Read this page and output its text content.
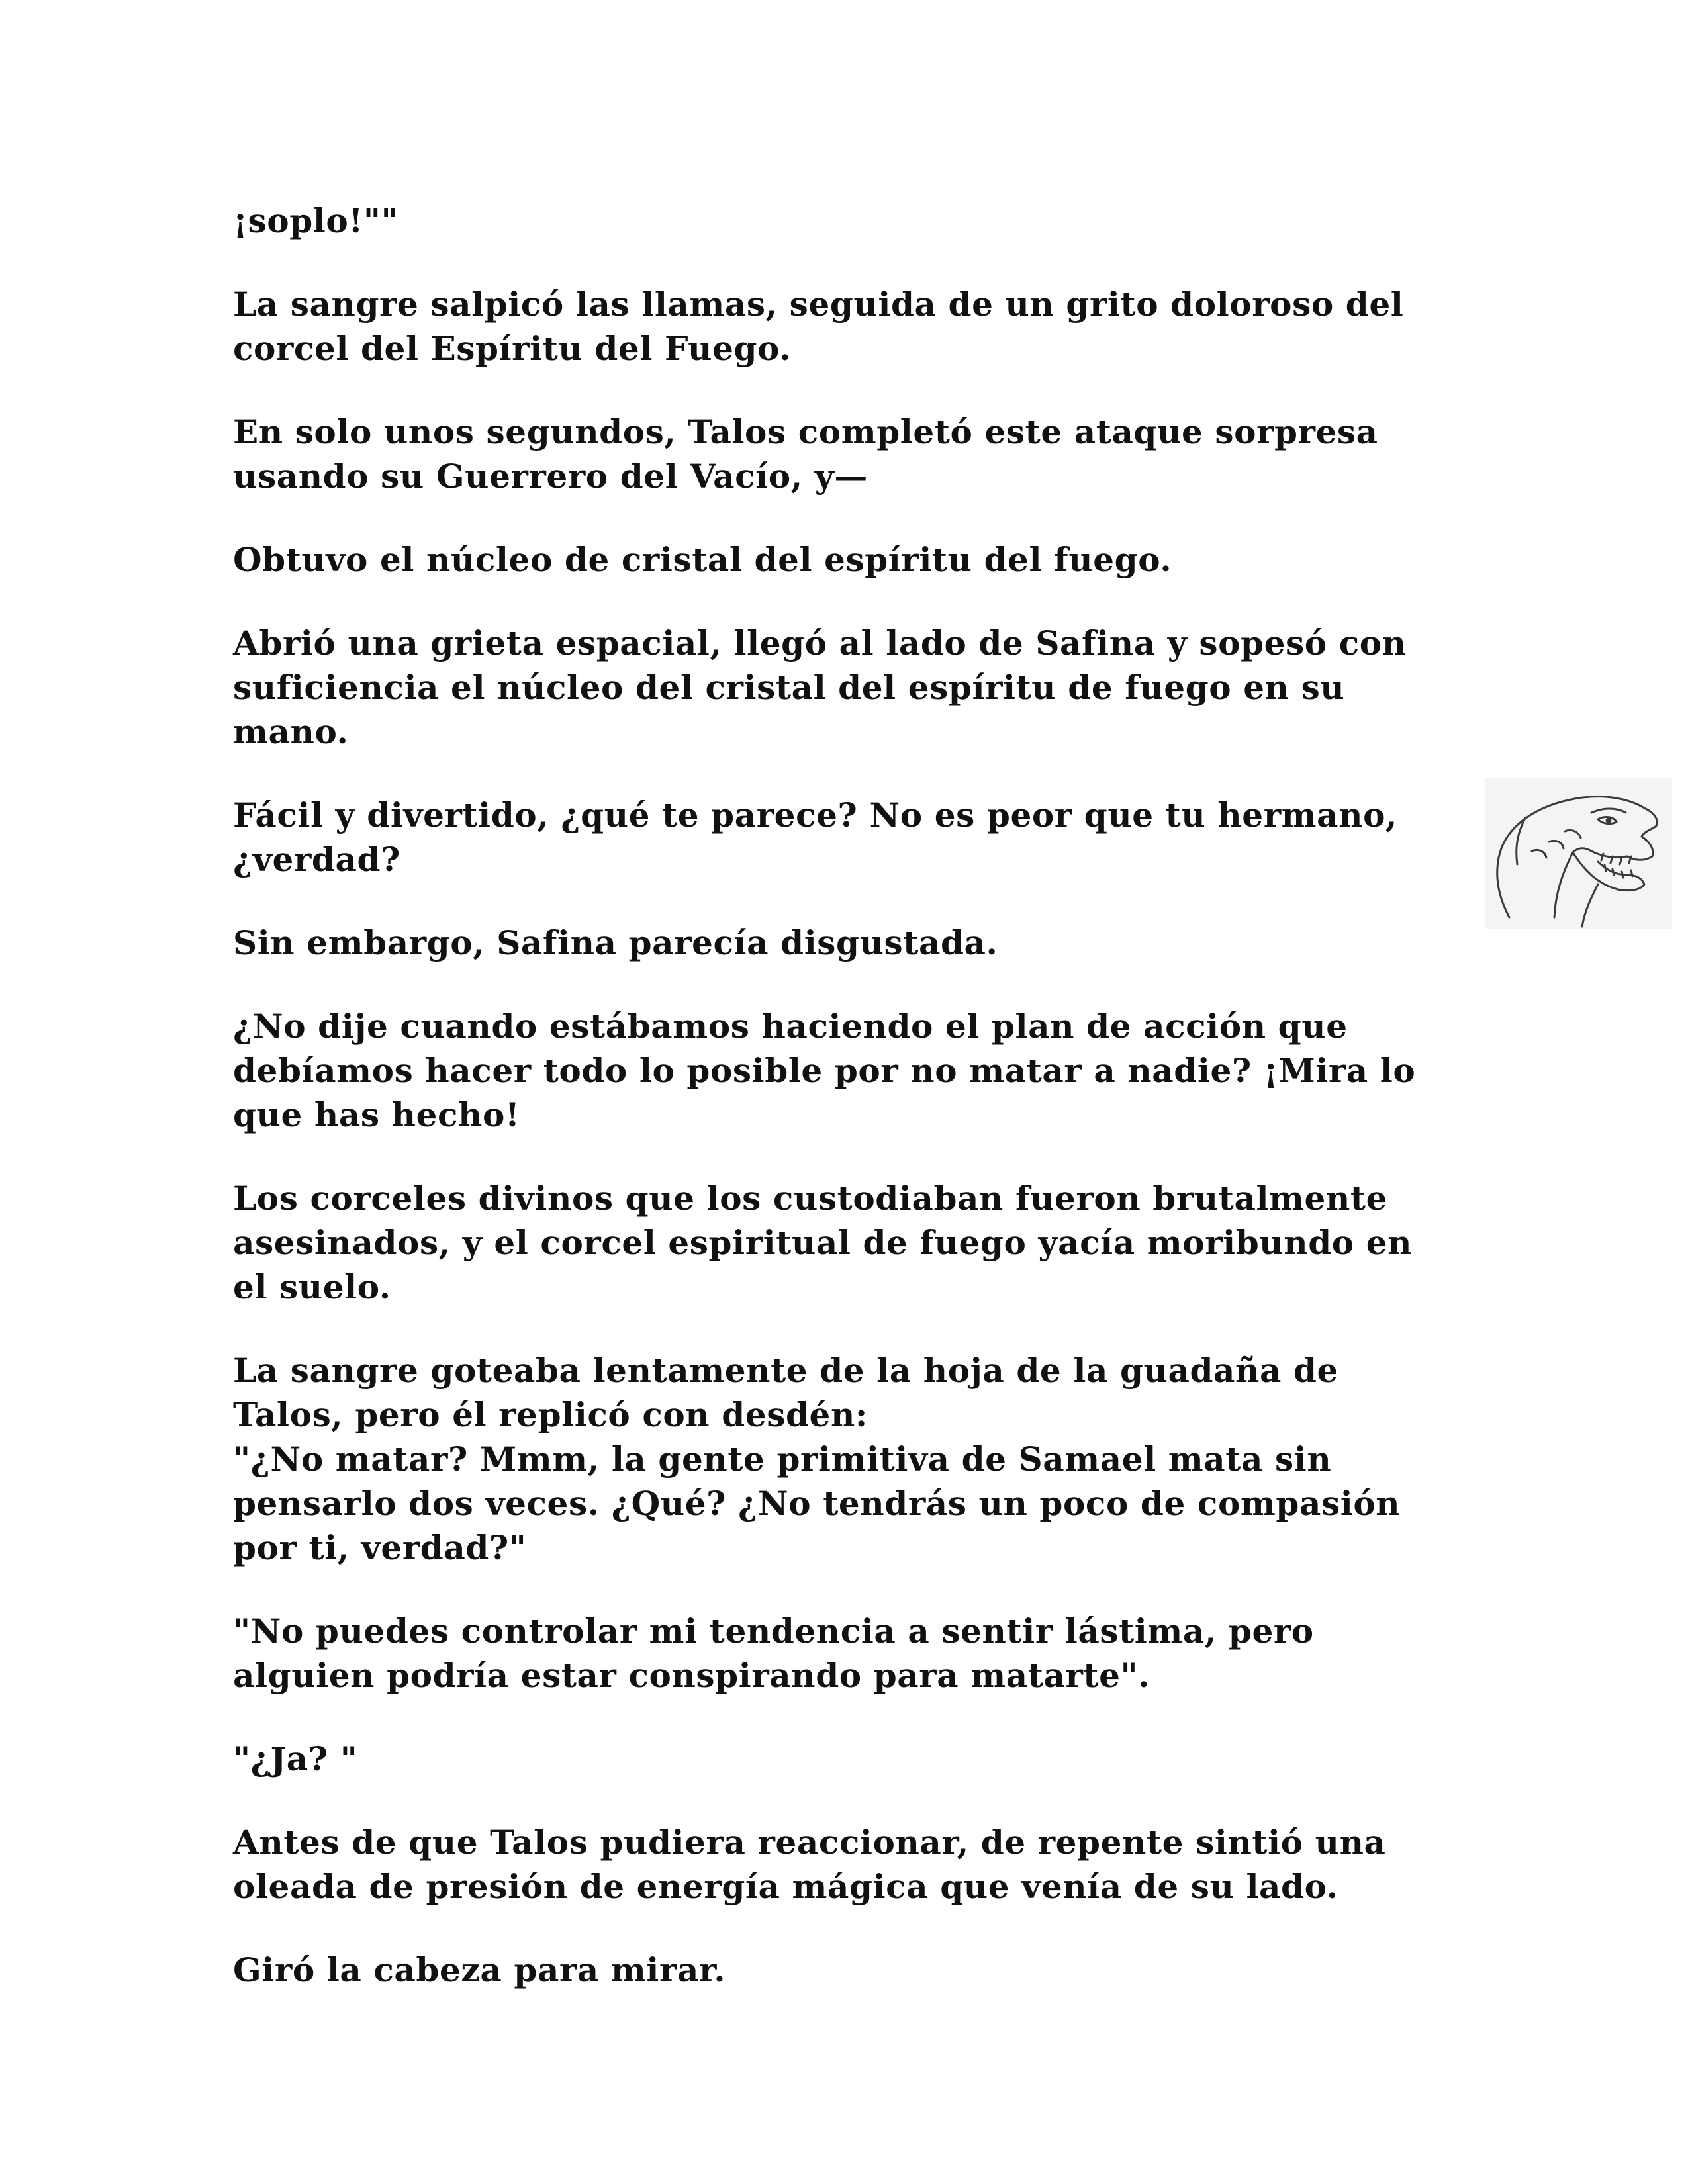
¡soplo!""

La sangre salpicó las llamas, seguida de un grito doloroso del
corcel del Espíritu del Fuego.

En solo unos segundos, Talos completó este ataque sorpresa
usando su Guerrero del Vacío, y—

Obtuvo el núcleo de cristal del espíritu del fuego.

Abrió una grieta espacial, llegó al lado de Safina y sopesó con
suficiencia el núcleo del cristal del espíritu de fuego en su
mano.

Fácil y divertido, ¿qué te parece? No es peor que tu hermano,
¿verdad?

Sin embargo, Safina parecía disgustada.

¿No dije cuando estábamos haciendo el plan de acción que
debíamos hacer todo lo posible por no matar a nadie? ¡Mira lo
que has hecho!

Los corceles divinos que los custodiaban fueron brutalmente
asesinados, y el corcel espiritual de fuego yacía moribundo en
el suelo.

La sangre goteaba lentamente de la hoja de la guadaña de
Talos, pero él replicó con desdén:

"¿No matar? Mmm, la gente primitiva de Samael mata sin
pensarlo dos veces. ¿Qué? ¿No tendrás un poco de compasión
por ti, verdad?"

"No puedes controlar mi tendencia a sentir lástima, pero
alguien podría estar conspirando para matarte".

"¿Ja? "

Antes de que Talos pudiera reaccionar, de repente sintió una
oleada de presión de energía mágica que venía de su lado.

Giró la cabeza para mirar.
